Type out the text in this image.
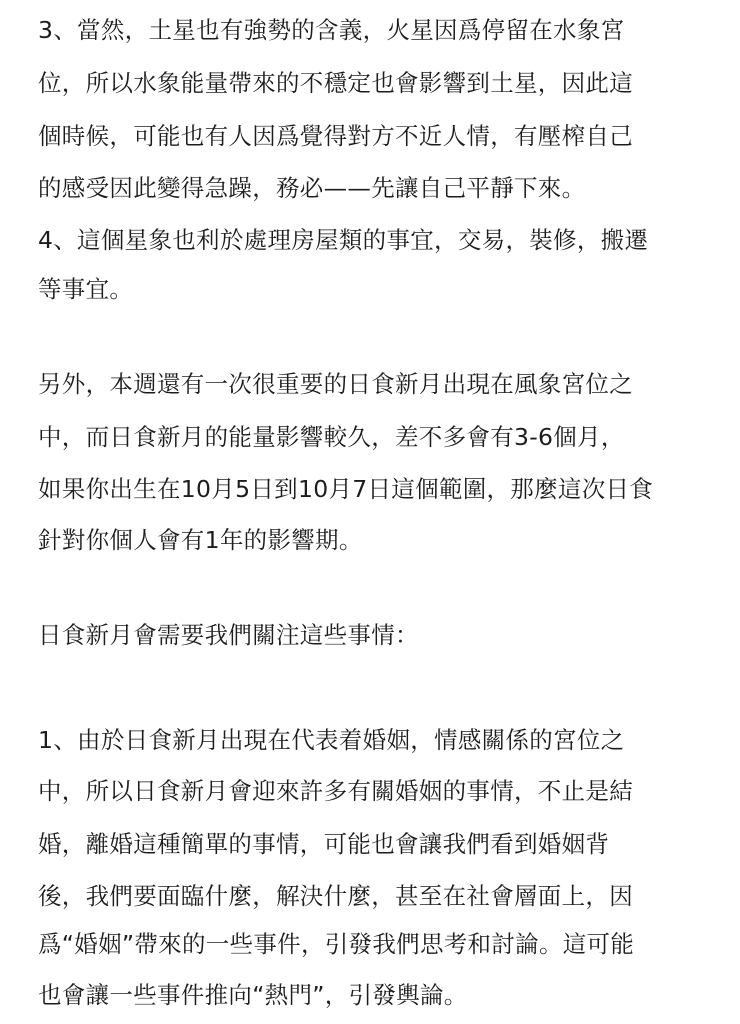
3、當然，土星也有強勢的含義，火星因爲停留在水象宮
位，所以水象能量帶來的不穩定也會影響到土星，因此這
個時候，可能也有人因爲覺得對方不近人情，有壓榨自己
的感受因此變得急躁，務必——先讓自己平靜下來。
4、這個星象也利於處理房屋類的事宜，交易，裝修，搬遷
等事宜。
另外，本週還有一次很重要的日食新月出現在風象宮位之
中，而日食新月的能量影響較久，差不多會有3-6個月，
如果你出生在10月5日到10月7日這個範圍，那麼這次日食
針對你個人會有1年的影響期。
日食新月會需要我們關注這些事情：
1、由於日食新月出現在代表着婚姻，情感關係的宮位之
中，所以日食新月會迎來許多有關婚姻的事情，不止是結
婚，離婚這種簡單的事情，可能也會讓我們看到婚姻背
後，我們要面臨什麼，解決什麼，甚至在社會層面上，因
爲“婚姻”帶來的一些事件，引發我們思考和討論。這可能
也會讓一些事件推向“熱門”，引發輿論。
